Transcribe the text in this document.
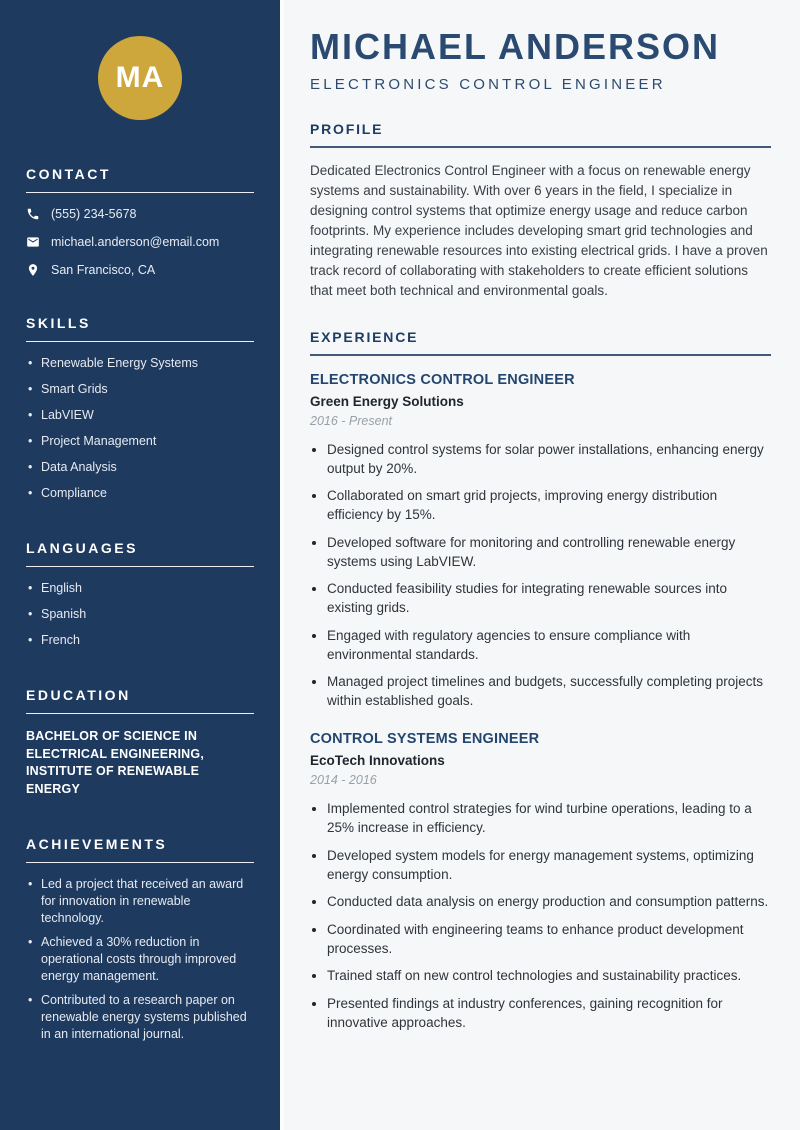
MA
CONTACT
(555) 234-5678
michael.anderson@email.com
San Francisco, CA
SKILLS
• Renewable Energy Systems
• Smart Grids
• LabVIEW
• Project Management
• Data Analysis
• Compliance
LANGUAGES
• English
• Spanish
• French
EDUCATION

BACHELOR OF SCIENCE IN ELECTRICAL ENGINEERING, INSTITUTE OF RENEWABLE ENERGY

ACHIEVEMENTS
• Led a project that received an award for innovation in renewable technology.
• Achieved a 30% reduction in operational costs through improved energy management.
• Contributed to a research paper on renewable energy systems published in an international journal.
MICHAEL ANDERSON
ELECTRONICS CONTROL ENGINEER
PROFILE

Dedicated Electronics Control Engineer with a focus on renewable energy systems and sustainability. With over 6 years in the field, I specialize in designing control systems that optimize energy usage and reduce carbon footprints. My experience includes developing smart grid technologies and integrating renewable resources into existing electrical grids. I have a proven track record of collaborating with stakeholders to create efficient solutions that meet both technical and environmental goals.

EXPERIENCE
ELECTRONICS CONTROL ENGINEER
Green Energy Solutions
2016 - Present
• Designed control systems for solar power installations, enhancing energy output by 20%.
• Collaborated on smart grid projects, improving energy distribution efficiency by 15%.
• Developed software for monitoring and controlling renewable energy systems using LabVIEW.
• Conducted feasibility studies for integrating renewable sources into existing grids.
• Engaged with regulatory agencies to ensure compliance with environmental standards.
• Managed project timelines and budgets, successfully completing projects within established goals.
CONTROL SYSTEMS ENGINEER
EcoTech Innovations
2014 - 2016
• Implemented control strategies for wind turbine operations, leading to a 25% increase in efficiency.
• Developed system models for energy management systems, optimizing energy consumption.
• Conducted data analysis on energy production and consumption patterns.
• Coordinated with engineering teams to enhance product development processes.
• Trained staff on new control technologies and sustainability practices.
• Presented findings at industry conferences, gaining recognition for innovative approaches.
